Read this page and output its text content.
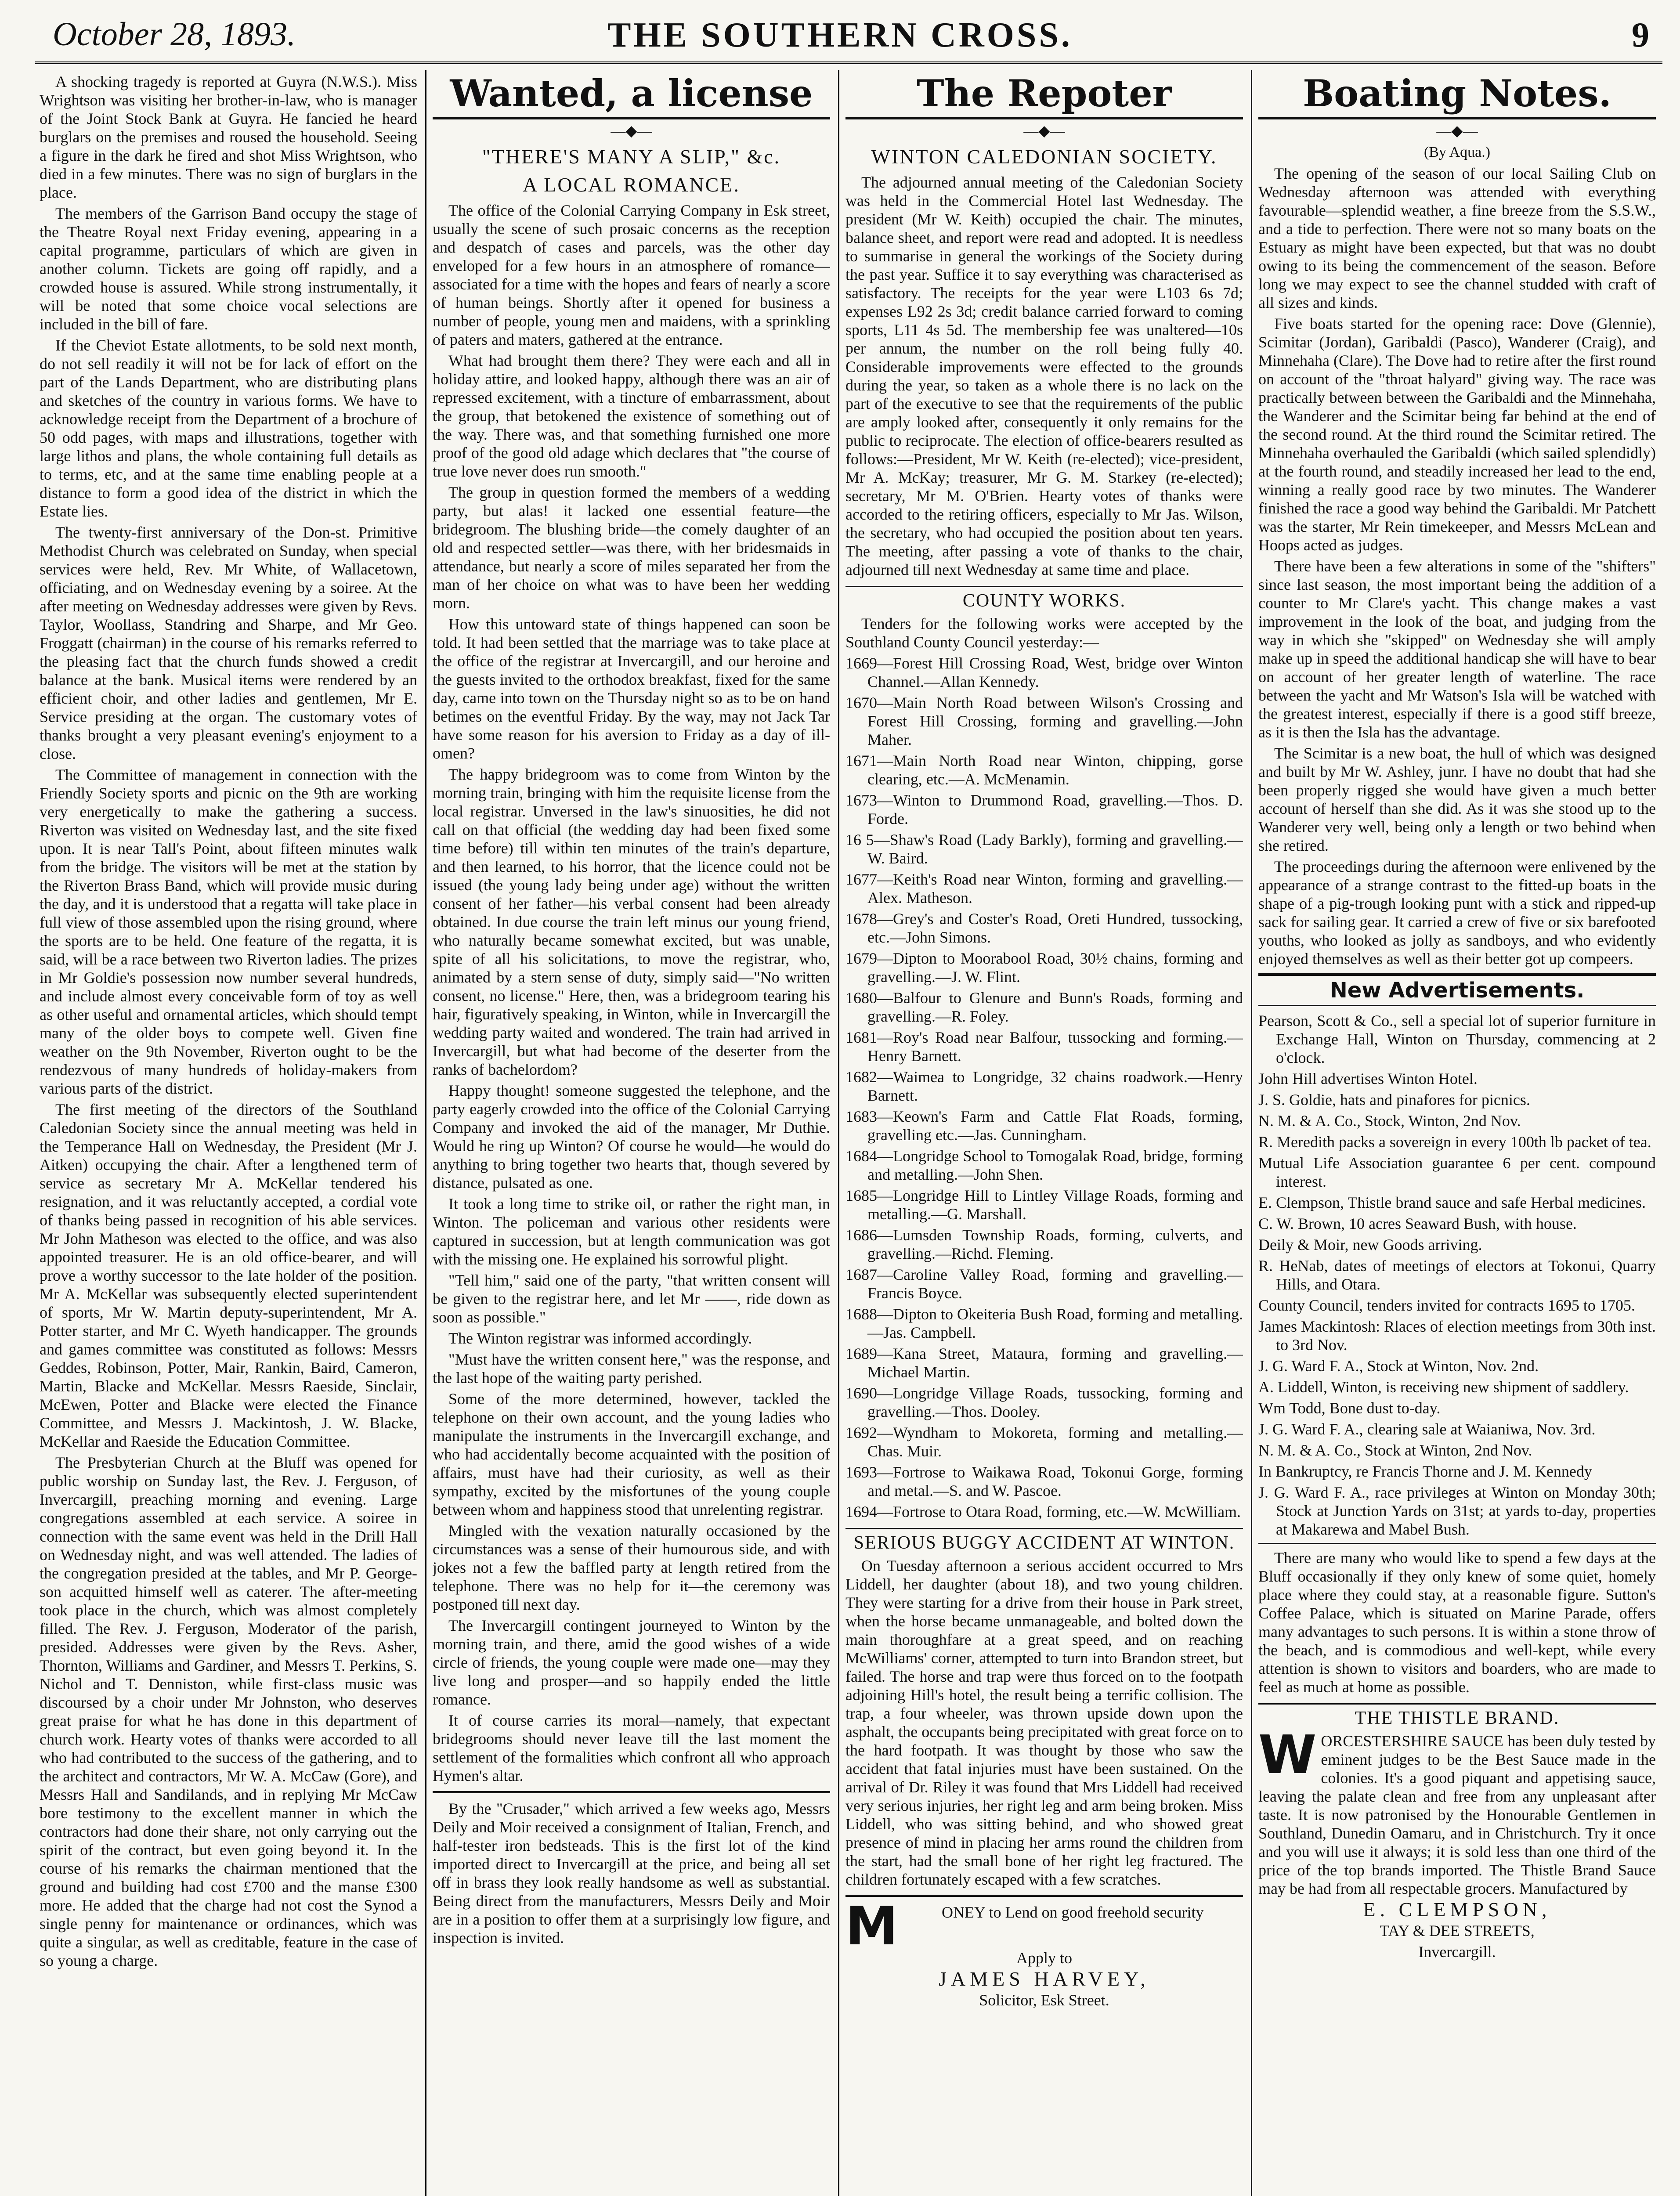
October 28, 1893.	THE SOUTHERN CROSS.	9

A shocking tragedy is reported at Guyra (N.W.S.). Miss Wrightson was visiting her brother-in-law, who is manager of the Joint Stock Bank at Guyra. He fancied he heard burglars on the premises and roused the household. Seeing a figure in the dark he fired and shot Miss Wrightson, who died in a few minutes. There was no sign of burglars in the place.

The members of the Garrison Band occupy the stage of the Theatre Royal next Friday evening, appearing in a capital programme, particulars of which are given in another column. Tickets are going off rapidly, and a crowded house is assured. While strong instrumentally, it will be noted that some choice vocal selections are included in the bill of fare.

If the Cheviot Estate allotments, to be sold next month, do not sell readily it will not be for lack of effort on the part of the Lands Department, who are distributing plans and sketches of the country in various forms. We have to acknowledge receipt from the Department of a brochure of 50 odd pages, with maps and illustrations, together with large lithos and plans, the whole containing full details as to terms, etc, and at the same time enabling people at a distance to form a good idea of the district in which the Estate lies.

The twenty-first anniversary of the Don-st. Primitive Methodist Church was celebrated on Sunday, when special services were held, Rev. Mr White, of Wallacetown, officiating, and on Wednesday evening by a soiree. At the after meeting on Wednesday addresses were given by Revs. Taylor, Woollass, Standring and Sharpe, and Mr Geo. Froggatt (chairman) in the course of his remarks referred to the pleasing fact that the church funds showed a credit balance at the bank. Musical items were rendered by an efficient choir, and other ladies and gentlemen, Mr E. Service presiding at the organ. The customary votes of thanks brought a very pleasant evening's enjoyment to a close.

The Committee of management in connection with the Friendly Society sports and picnic on the 9th are working very energetically to make the gathering a success. Riverton was visited on Wednesday last, and the site fixed upon. It is near Tall's Point, about fifteen minutes walk from the bridge. The visitors will be met at the station by the Riverton Brass Band, which will provide music during the day, and it is understood that a regatta will take place in full view of those assembled upon the rising ground, where the sports are to be held. One feature of the regatta, it is said, will be a race between two Riverton ladies. The prizes in Mr Goldie's possession now number several hundreds, and include almost every conceivable form of toy as well as other useful and ornamental articles, which should tempt many of the older boys to compete well. Given fine weather on the 9th November, Riverton ought to be the rendezvous of many hundreds of holiday-makers from various parts of the district.

The first meeting of the directors of the Southland Caledonian Society since the annual meeting was held in the Temperance Hall on Wednesday, the President (Mr J. Aitken) occupying the chair. After a lengthened term of service as secretary Mr A. McKellar tendered his resignation, and it was reluctantly accepted, a cordial vote of thanks being passed in recognition of his able services. Mr John Matheson was elected to the office, and was also appointed treasurer. He is an old office-bearer, and will prove a worthy successor to the late holder of the position. Mr A. McKellar was subsequently elected superintendent of sports, Mr W. Martin deputy-superintendent, Mr A. Potter starter, and Mr C. Wyeth handicapper. The grounds and games committee was constituted as follows: Messrs Geddes, Robinson, Potter, Mair, Rankin, Baird, Cameron, Martin, Blacke and McKellar. Messrs Raeside, Sinclair, McEwen, Potter and Blacke were elected the Finance Committee, and Messrs J. Mackintosh, J. W. Blacke, McKellar and Raeside the Education Committee.

The Presbyterian Church at the Bluff was opened for public worship on Sunday last, the Rev. J. Ferguson, of Invercargill, preaching morning and evening. Large congregations assembled at each service. A soiree in connection with the same event was held in the Drill Hall on Wednesday night, and was well attended. The ladies of the congregation presided at the tables, and Mr P. George-son acquitted himself well as caterer. The after-meeting took place in the church, which was almost completely filled. The Rev. J. Ferguson, Moderator of the parish, presided. Addresses were given by the Revs. Asher, Thornton, Williams and Gardiner, and Messrs T. Perkins, S. Nichol and T. Denniston, while first-class music was discoursed by a choir under Mr Johnston, who deserves great praise for what he has done in this department of church work. Hearty votes of thanks were accorded to all who had contributed to the success of the gathering, and to the architect and contractors, Mr W. A. McCaw (Gore), and Messrs Hall and Sandilands, and in replying Mr McCaw bore testimony to the excellent manner in which the contractors had done their share, not only carrying out the spirit of the contract, but even going beyond it. In the course of his remarks the chairman mentioned that the ground and building had cost £700 and the manse £300 more. He added that the charge had not cost the Synod a single penny for maintenance or ordinances, which was quite a singular, as well as creditable, feature in the case of so young a charge.

Wanted, a license
—◆—
"THERE'S MANY A SLIP," &c.
A LOCAL ROMANCE.

The office of the Colonial Carrying Company in Esk street, usually the scene of such prosaic concerns as the reception and despatch of cases and parcels, was the other day enveloped for a few hours in an atmosphere of romance—associated for a time with the hopes and fears of nearly a score of human beings. Shortly after it opened for business a number of people, young men and maidens, with a sprinkling of paters and maters, gathered at the entrance.

What had brought them there? They were each and all in holiday attire, and looked happy, although there was an air of repressed excitement, with a tincture of embarrassment, about the group, that betokened the existence of something out of the way. There was, and that something furnished one more proof of the good old adage which declares that "the course of true love never does run smooth."

The group in question formed the members of a wedding party, but alas! it lacked one essential feature—the bridegroom. The blushing bride—the comely daughter of an old and respected settler—was there, with her bridesmaids in attendance, but nearly a score of miles separated her from the man of her choice on what was to have been her wedding morn.

How this untoward state of things happened can soon be told. It had been settled that the marriage was to take place at the office of the registrar at Invercargill, and our heroine and the guests invited to the orthodox breakfast, fixed for the same day, came into town on the Thursday night so as to be on hand betimes on the eventful Friday. By the way, may not Jack Tar have some reason for his aversion to Friday as a day of ill-omen?

The happy bridegroom was to come from Winton by the morning train, bringing with him the requisite license from the local registrar. Unversed in the law's sinuosities, he did not call on that official (the wedding day had been fixed some time before) till within ten minutes of the train's departure, and then learned, to his horror, that the licence could not be issued (the young lady being under age) without the written consent of her father—his verbal consent had been already obtained. In due course the train left minus our young friend, who naturally became somewhat excited, but was unable, spite of all his solicitations, to move the registrar, who, animated by a stern sense of duty, simply said—"No written consent, no license." Here, then, was a bridegroom tearing his hair, figuratively speaking, in Winton, while in Invercargill the wedding party waited and wondered. The train had arrived in Invercargill, but what had become of the deserter from the ranks of bachelordom?

Happy thought! someone suggested the telephone, and the party eagerly crowded into the office of the Colonial Carrying Company and invoked the aid of the manager, Mr Duthie. Would he ring up Winton? Of course he would—he would do anything to bring together two hearts that, though severed by distance, pulsated as one.

It took a long time to strike oil, or rather the right man, in Winton. The policeman and various other residents were captured in succession, but at length communication was got with the missing one. He explained his sorrowful plight.

"Tell him," said one of the party, "that written consent will be given to the registrar here, and let Mr ——, ride down as soon as possible."

The Winton registrar was informed accordingly.

"Must have the written consent here," was the response, and the last hope of the waiting party perished.

Some of the more determined, however, tackled the telephone on their own account, and the young ladies who manipulate the instruments in the Invercargill exchange, and who had accidentally become acquainted with the position of affairs, must have had their curiosity, as well as their sympathy, excited by the misfortunes of the young couple between whom and happiness stood that unrelenting registrar.

Mingled with the vexation naturally occasioned by the circumstances was a sense of their humourous side, and with jokes not a few the baffled party at length retired from the telephone. There was no help for it—the ceremony was postponed till next day.

The Invercargill contingent journeyed to Winton by the morning train, and there, amid the good wishes of a wide circle of friends, the young couple were made one—may they live long and prosper—and so happily ended the little romance.

It of course carries its moral—namely, that expectant bridegrooms should never leave till the last moment the settlement of the formalities which confront all who approach Hymen's altar.

By the "Crusader," which arrived a few weeks ago, Messrs Deily and Moir received a consignment of Italian, French, and half-tester iron bedsteads. This is the first lot of the kind imported direct to Invercargill at the price, and being all set off in brass they look really handsome as well as substantial. Being direct from the manufacturers, Messrs Deily and Moir are in a position to offer them at a surprisingly low figure, and inspection is invited.

The Repoter
—◆—
WINTON CALEDONIAN SOCIETY.

The adjourned annual meeting of the Caledonian Society was held in the Commercial Hotel last Wednesday. The president (Mr W. Keith) occupied the chair. The minutes, balance sheet, and report were read and adopted. It is needless to summarise in general the workings of the Society during the past year. Suffice it to say everything was characterised as satisfactory. The receipts for the year were L103 6s 7d; expenses L92 2s 3d; credit balance carried forward to coming sports, L11 4s 5d. The membership fee was unaltered—10s per annum, the number on the roll being fully 40. Considerable improvements were effected to the grounds during the year, so taken as a whole there is no lack on the part of the executive to see that the requirements of the public are amply looked after, consequently it only remains for the public to reciprocate. The election of office-bearers resulted as follows:—President, Mr W. Keith (re-elected); vice-president, Mr A. McKay; treasurer, Mr G. M. Starkey (re-elected); secretary, Mr M. O'Brien. Hearty votes of thanks were accorded to the retiring officers, especially to Mr Jas. Wilson, the secretary, who had occupied the position about ten years. The meeting, after passing a vote of thanks to the chair, adjourned till next Wednesday at same time and place.

COUNTY WORKS.

Tenders for the following works were accepted by the Southland County Council yesterday:—

1669—Forest Hill Crossing Road, West, bridge over Winton Channel.—Allan Kennedy.

1670—Main North Road between Wilson's Crossing and Forest Hill Crossing, forming and gravelling.—John Maher.

1671—Main North Road near Winton, chipping, gorse clearing, etc.—A. McMenamin.

1673—Winton to Drummond Road, gravelling.—Thos. D. Forde.

16 5—Shaw's Road (Lady Barkly), forming and gravelling.—W. Baird.

1677—Keith's Road near Winton, forming and gravelling.—Alex. Matheson.

1678—Grey's and Coster's Road, Oreti Hundred, tussocking, etc.—John Simons.

1679—Dipton to Moorabool Road, 30½ chains, forming and gravelling.—J. W. Flint.

1680—Balfour to Glenure and Bunn's Roads, forming and gravelling.—R. Foley.

1681—Roy's Road near Balfour, tussocking and forming.—Henry Barnett.

1682—Waimea to Longridge, 32 chains roadwork.—Henry Barnett.

1683—Keown's Farm and Cattle Flat Roads, forming, gravelling etc.—Jas. Cunningham.

1684—Longridge School to Tomogalak Road, bridge, forming and metalling.—John Shen.

1685—Longridge Hill to Lintley Village Roads, forming and metalling.—G. Marshall.

1686—Lumsden Township Roads, forming, culverts, and gravelling.—Richd. Fleming.

1687—Caroline Valley Road, forming and gravelling.—Francis Boyce.

1688—Dipton to Okeiteria Bush Road, forming and metalling.—Jas. Campbell.

1689—Kana Street, Mataura, forming and gravelling.—Michael Martin.

1690—Longridge Village Roads, tussocking, forming and gravelling.—Thos. Dooley.

1692—Wyndham to Mokoreta, forming and metalling.—Chas. Muir.

1693—Fortrose to Waikawa Road, Tokonui Gorge, forming and metal.—S. and W. Pascoe.

1694—Fortrose to Otara Road, forming, etc.—W. McWilliam.

SERIOUS BUGGY ACCIDENT AT WINTON.

On Tuesday afternoon a serious accident occurred to Mrs Liddell, her daughter (about 18), and two young children. They were starting for a drive from their house in Park street, when the horse became unmanageable, and bolted down the main thoroughfare at a great speed, and on reaching McWilliams' corner, attempted to turn into Brandon street, but failed. The horse and trap were thus forced on to the footpath adjoining Hill's hotel, the result being a terrific collision. The trap, a four wheeler, was thrown upside down upon the asphalt, the occupants being precipitated with great force on to the hard footpath. It was thought by those who saw the accident that fatal injuries must have been sustained. On the arrival of Dr. Riley it was found that Mrs Liddell had received very serious injuries, her right leg and arm being broken. Miss Liddell, who was sitting behind, and who showed great presence of mind in placing her arms round the children from the start, had the small bone of her right leg fractured. The children fortunately escaped with a few scratches.

M	ONEY to Lend on good freehold security

Apply to

JAMES HARVEY,

Solicitor, Esk Street.

Boating Notes.
—◆—
(By Aqua.)

The opening of the season of our local Sailing Club on Wednesday afternoon was attended with everything favourable—splendid weather, a fine breeze from the S.S.W., and a tide to perfection. There were not so many boats on the Estuary as might have been expected, but that was no doubt owing to its being the commencement of the season. Before long we may expect to see the channel studded with craft of all sizes and kinds.

Five boats started for the opening race: Dove (Glennie), Scimitar (Jordan), Garibaldi (Pasco), Wanderer (Craig), and Minnehaha (Clare). The Dove had to retire after the first round on account of the "throat halyard" giving way. The race was practically between between the Garibaldi and the Minnehaha, the Wanderer and the Scimitar being far behind at the end of the second round. At the third round the Scimitar retired. The Minnehaha overhauled the Garibaldi (which sailed splendidly) at the fourth round, and steadily increased her lead to the end, winning a really good race by two minutes. The Wanderer finished the race a good way behind the Garibaldi. Mr Patchett was the starter, Mr Rein timekeeper, and Messrs McLean and Hoops acted as judges.

There have been a few alterations in some of the "shifters" since last season, the most important being the addition of a counter to Mr Clare's yacht. This change makes a vast improvement in the look of the boat, and judging from the way in which she "skipped" on Wednesday she will amply make up in speed the additional handicap she will have to bear on account of her greater length of waterline. The race between the yacht and Mr Watson's Isla will be watched with the greatest interest, especially if there is a good stiff breeze, as it is then the Isla has the advantage.

The Scimitar is a new boat, the hull of which was designed and built by Mr W. Ashley, junr. I have no doubt that had she been properly rigged she would have given a much better account of herself than she did. As it was she stood up to the Wanderer very well, being only a length or two behind when she retired.

The proceedings during the afternoon were enlivened by the appearance of a strange contrast to the fitted-up boats in the shape of a pig-trough looking punt with a stick and ripped-up sack for sailing gear. It carried a crew of five or six barefooted youths, who looked as jolly as sandboys, and who evidently enjoyed themselves as well as their better got up compeers.

New Advertisements.

Pearson, Scott & Co., sell a special lot of superior furniture in Exchange Hall, Winton on Thursday, commencing at 2 o'clock.

John Hill advertises Winton Hotel.

J. S. Goldie, hats and pinafores for picnics.

N. M. & A. Co., Stock, Winton, 2nd Nov.

R. Meredith packs a sovereign in every 100th lb packet of tea.

Mutual Life Association guarantee 6 per cent. compound interest.

E. Clempson, Thistle brand sauce and safe Herbal medicines.

C. W. Brown, 10 acres Seaward Bush, with house.

Deily & Moir, new Goods arriving.

R. HeNab, dates of meetings of electors at Tokonui, Quarry Hills, and Otara.

County Council, tenders invited for contracts 1695 to 1705.

James Mackintosh: Rlaces of election meetings from 30th inst. to 3rd Nov.

J. G. Ward F. A., Stock at Winton, Nov. 2nd.

A. Liddell, Winton, is receiving new shipment of saddlery.

Wm Todd, Bone dust to-day.

J. G. Ward F. A., clearing sale at Waianiwa, Nov. 3rd.

N. M. & A. Co., Stock at Winton, 2nd Nov.

In Bankruptcy, re Francis Thorne and J. M. Kennedy

J. G. Ward F. A., race privileges at Winton on Monday 30th; Stock at Junction Yards on 31st; at yards to-day, properties at Makarewa and Mabel Bush.

There are many who would like to spend a few days at the Bluff occasionally if they only knew of some quiet, homely place where they could stay, at a reasonable figure. Sutton's Coffee Palace, which is situated on Marine Parade, offers many advantages to such persons. It is within a stone throw of the beach, and is commodious and well-kept, while every attention is shown to visitors and boarders, who are made to feel as much at home as possible.

THE THISTLE BRAND.

W ORCESTERSHIRE SAUCE has been duly tested by eminent judges to be the Best Sauce made in the colonies. It's a good piquant and appetising sauce, leaving the palate clean and free from any unpleasant after taste. It is now patronised by the Honourable Gentlemen in Southland, Dunedin Oamaru, and in Christchurch. Try it once and you will use it always; it is sold less than one third of the price of the top brands imported. The Thistle Brand Sauce may be had from all respectable grocers. Manufactured by

E. CLEMPSON,

TAY & DEE STREETS,

Invercargill.
